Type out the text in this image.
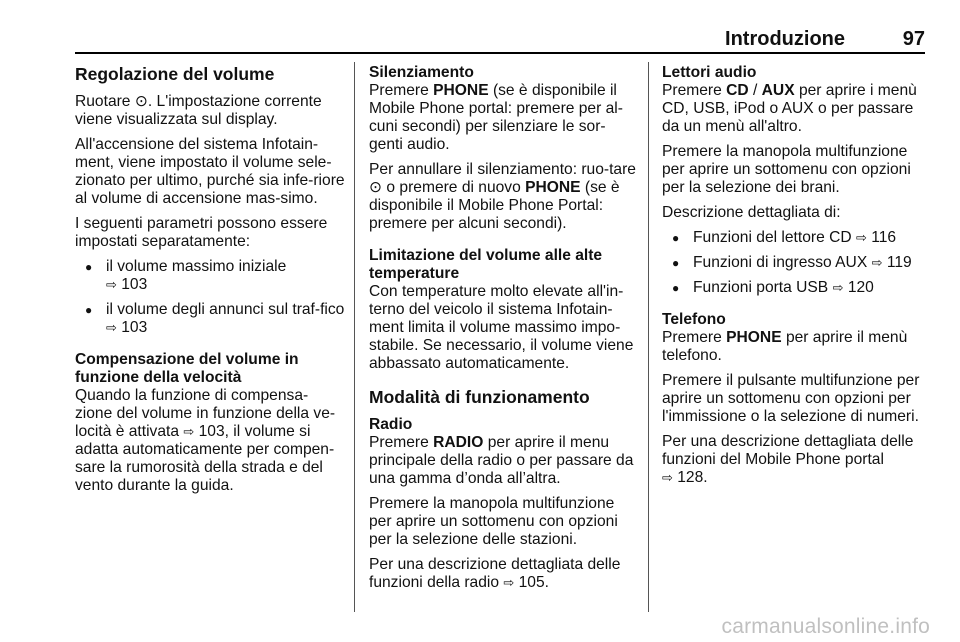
Introduzione	97
Regolazione del volume

Ruotare ⊙. L'impostazione corrente viene visualizzata sul display.

All'accensione del sistema Infotain-ment, viene impostato il volume sele-zionato per ultimo, purché sia infe-riore al volume di accensione mas-simo.

I seguenti parametri possono essere impostati separatamente:

● il volume massimo iniziale
⇨ 103
● il volume degli annunci sul traf-fico ⇨ 103
Compensazione del volume in funzione della velocità

Quando la funzione di compensa-zione del volume in funzione della ve-locità è attivata ⇨ 103, il volume si adatta automaticamente per compen-sare la rumorosità della strada e del vento durante la guida.

Silenziamento

Premere PHONE (se è disponibile il Mobile Phone portal: premere per al-cuni secondi) per silenziare le sor-genti audio.

Per annullare il silenziamento: ruo-tare ⊙ o premere di nuovo PHONE (se è disponibile il Mobile Phone Portal: premere per alcuni secondi).

Limitazione del volume alle alte temperature

Con temperature molto elevate all'in-terno del veicolo il sistema Infotain-ment limita il volume massimo impo-stabile. Se necessario, il volume viene abbassato automaticamente.

Modalità di funzionamento
Radio

Premere RADIO per aprire il menu principale della radio o per passare da una gamma d’onda all’altra.

Premere la manopola multifunzione per aprire un sottomenu con opzioni per la selezione delle stazioni.

Per una descrizione dettagliata delle funzioni della radio ⇨ 105.

Lettori audio

Premere CD / AUX per aprire i menù CD, USB, iPod o AUX o per passare da un menù all'altro.

Premere la manopola multifunzione per aprire un sottomenu con opzioni per la selezione dei brani.

Descrizione dettagliata di:

● Funzioni del lettore CD ⇨ 116
● Funzioni di ingresso AUX ⇨ 119
● Funzioni porta USB ⇨ 120
Telefono

Premere PHONE per aprire il menù telefono.

Premere il pulsante multifunzione per aprire un sottomenu con opzioni per l'immissione o la selezione di numeri.

Per una descrizione dettagliata delle funzioni del Mobile Phone portal
⇨ 128.

carmanualsonline.info
